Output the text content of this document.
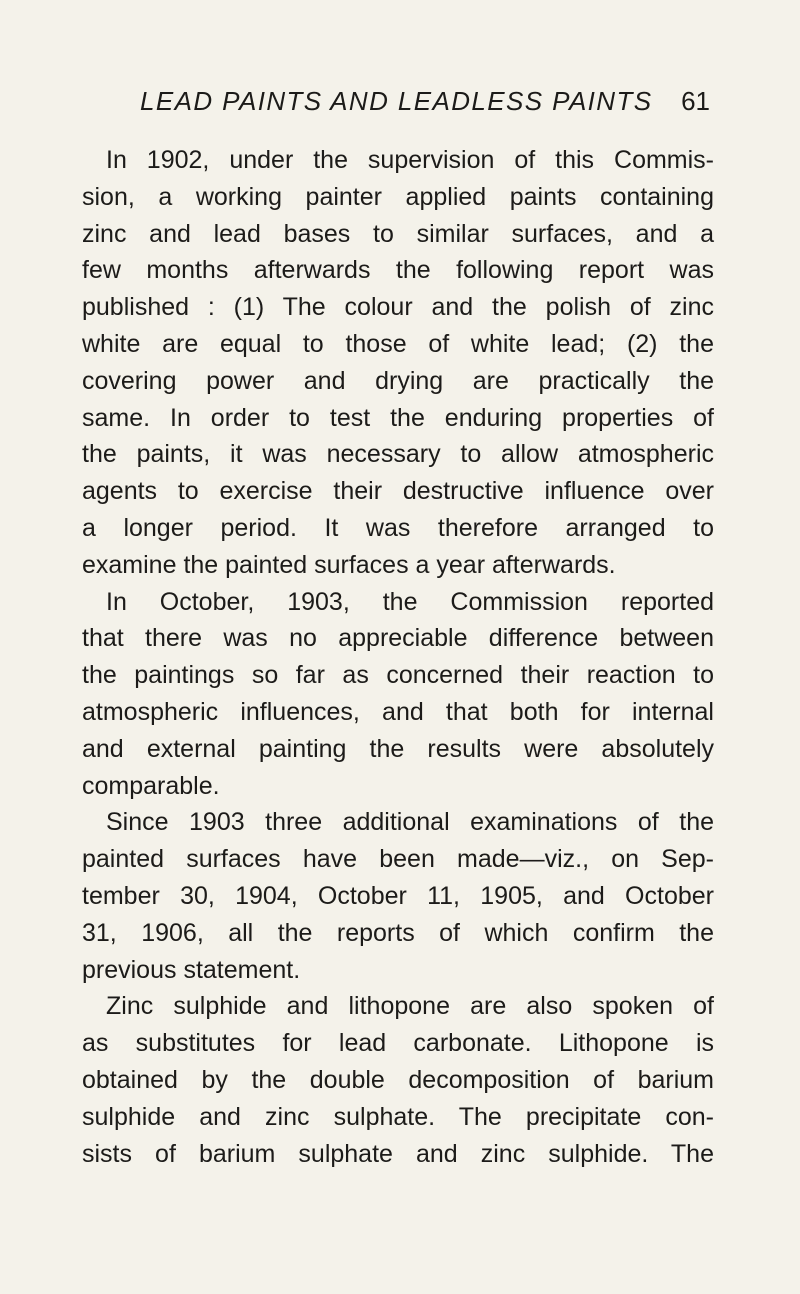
LEAD PAINTS AND LEADLESS PAINTS 61
In 1902, under the supervision of this Commis-
sion, a working painter applied paints containing
zinc and lead bases to similar surfaces, and a
few months afterwards the following report was
published : (1) The colour and the polish of zinc
white are equal to those of white lead; (2) the
covering power and drying are practically the
same. In order to test the enduring properties of
the paints, it was necessary to allow atmospheric
agents to exercise their destructive influence over
a longer period. It was therefore arranged to
examine the painted surfaces a year afterwards.
In October, 1903, the Commission reported
that there was no appreciable difference between
the paintings so far as concerned their reaction to
atmospheric influences, and that both for internal
and external painting the results were absolutely
comparable.
Since 1903 three additional examinations of the
painted surfaces have been made—viz., on Sep-
tember 30, 1904, October 11, 1905, and October
31, 1906, all the reports of which confirm the
previous statement.
Zinc sulphide and lithopone are also spoken of
as substitutes for lead carbonate. Lithopone is
obtained by the double decomposition of barium
sulphide and zinc sulphate. The precipitate con-
sists of barium sulphate and zinc sulphide. The
